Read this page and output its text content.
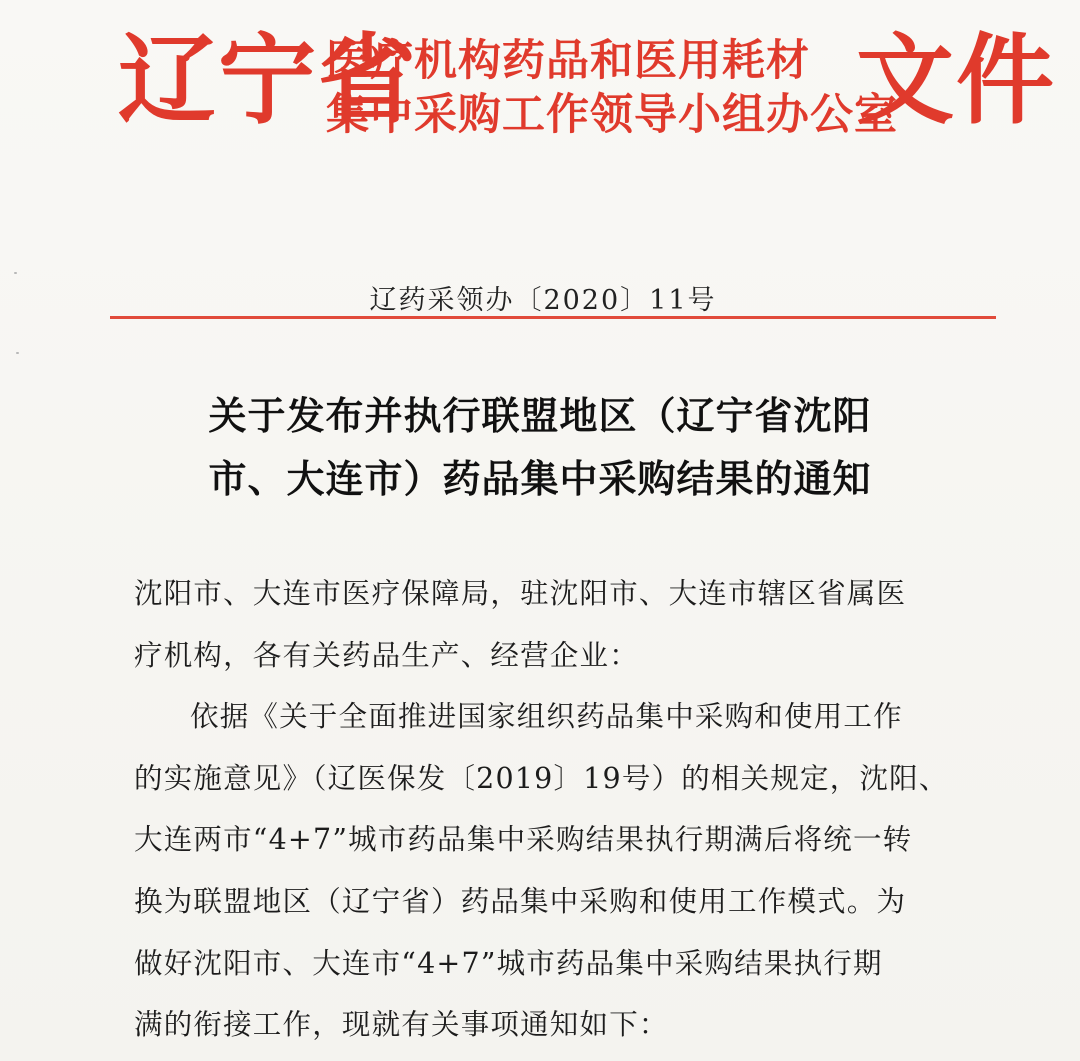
辽宁省
医疗机构药品和医用耗材
集中采购工作领导小组办公室
文件
辽药采领办〔2020〕11号
关于发布并执行联盟地区（辽宁省沈阳
市、大连市）药品集中采购结果的通知
沈阳市、大连市医疗保障局，驻沈阳市、大连市辖区省属医
疗机构，各有关药品生产、经营企业：
依据《关于全面推进国家组织药品集中采购和使用工作
的实施意见》（辽医保发〔2019〕19号）的相关规定，沈阳、
大连两市“4+7”城市药品集中采购结果执行期满后将统一转
换为联盟地区（辽宁省）药品集中采购和使用工作模式。为
做好沈阳市、大连市“4+7”城市药品集中采购结果执行期
满的衔接工作，现就有关事项通知如下：
